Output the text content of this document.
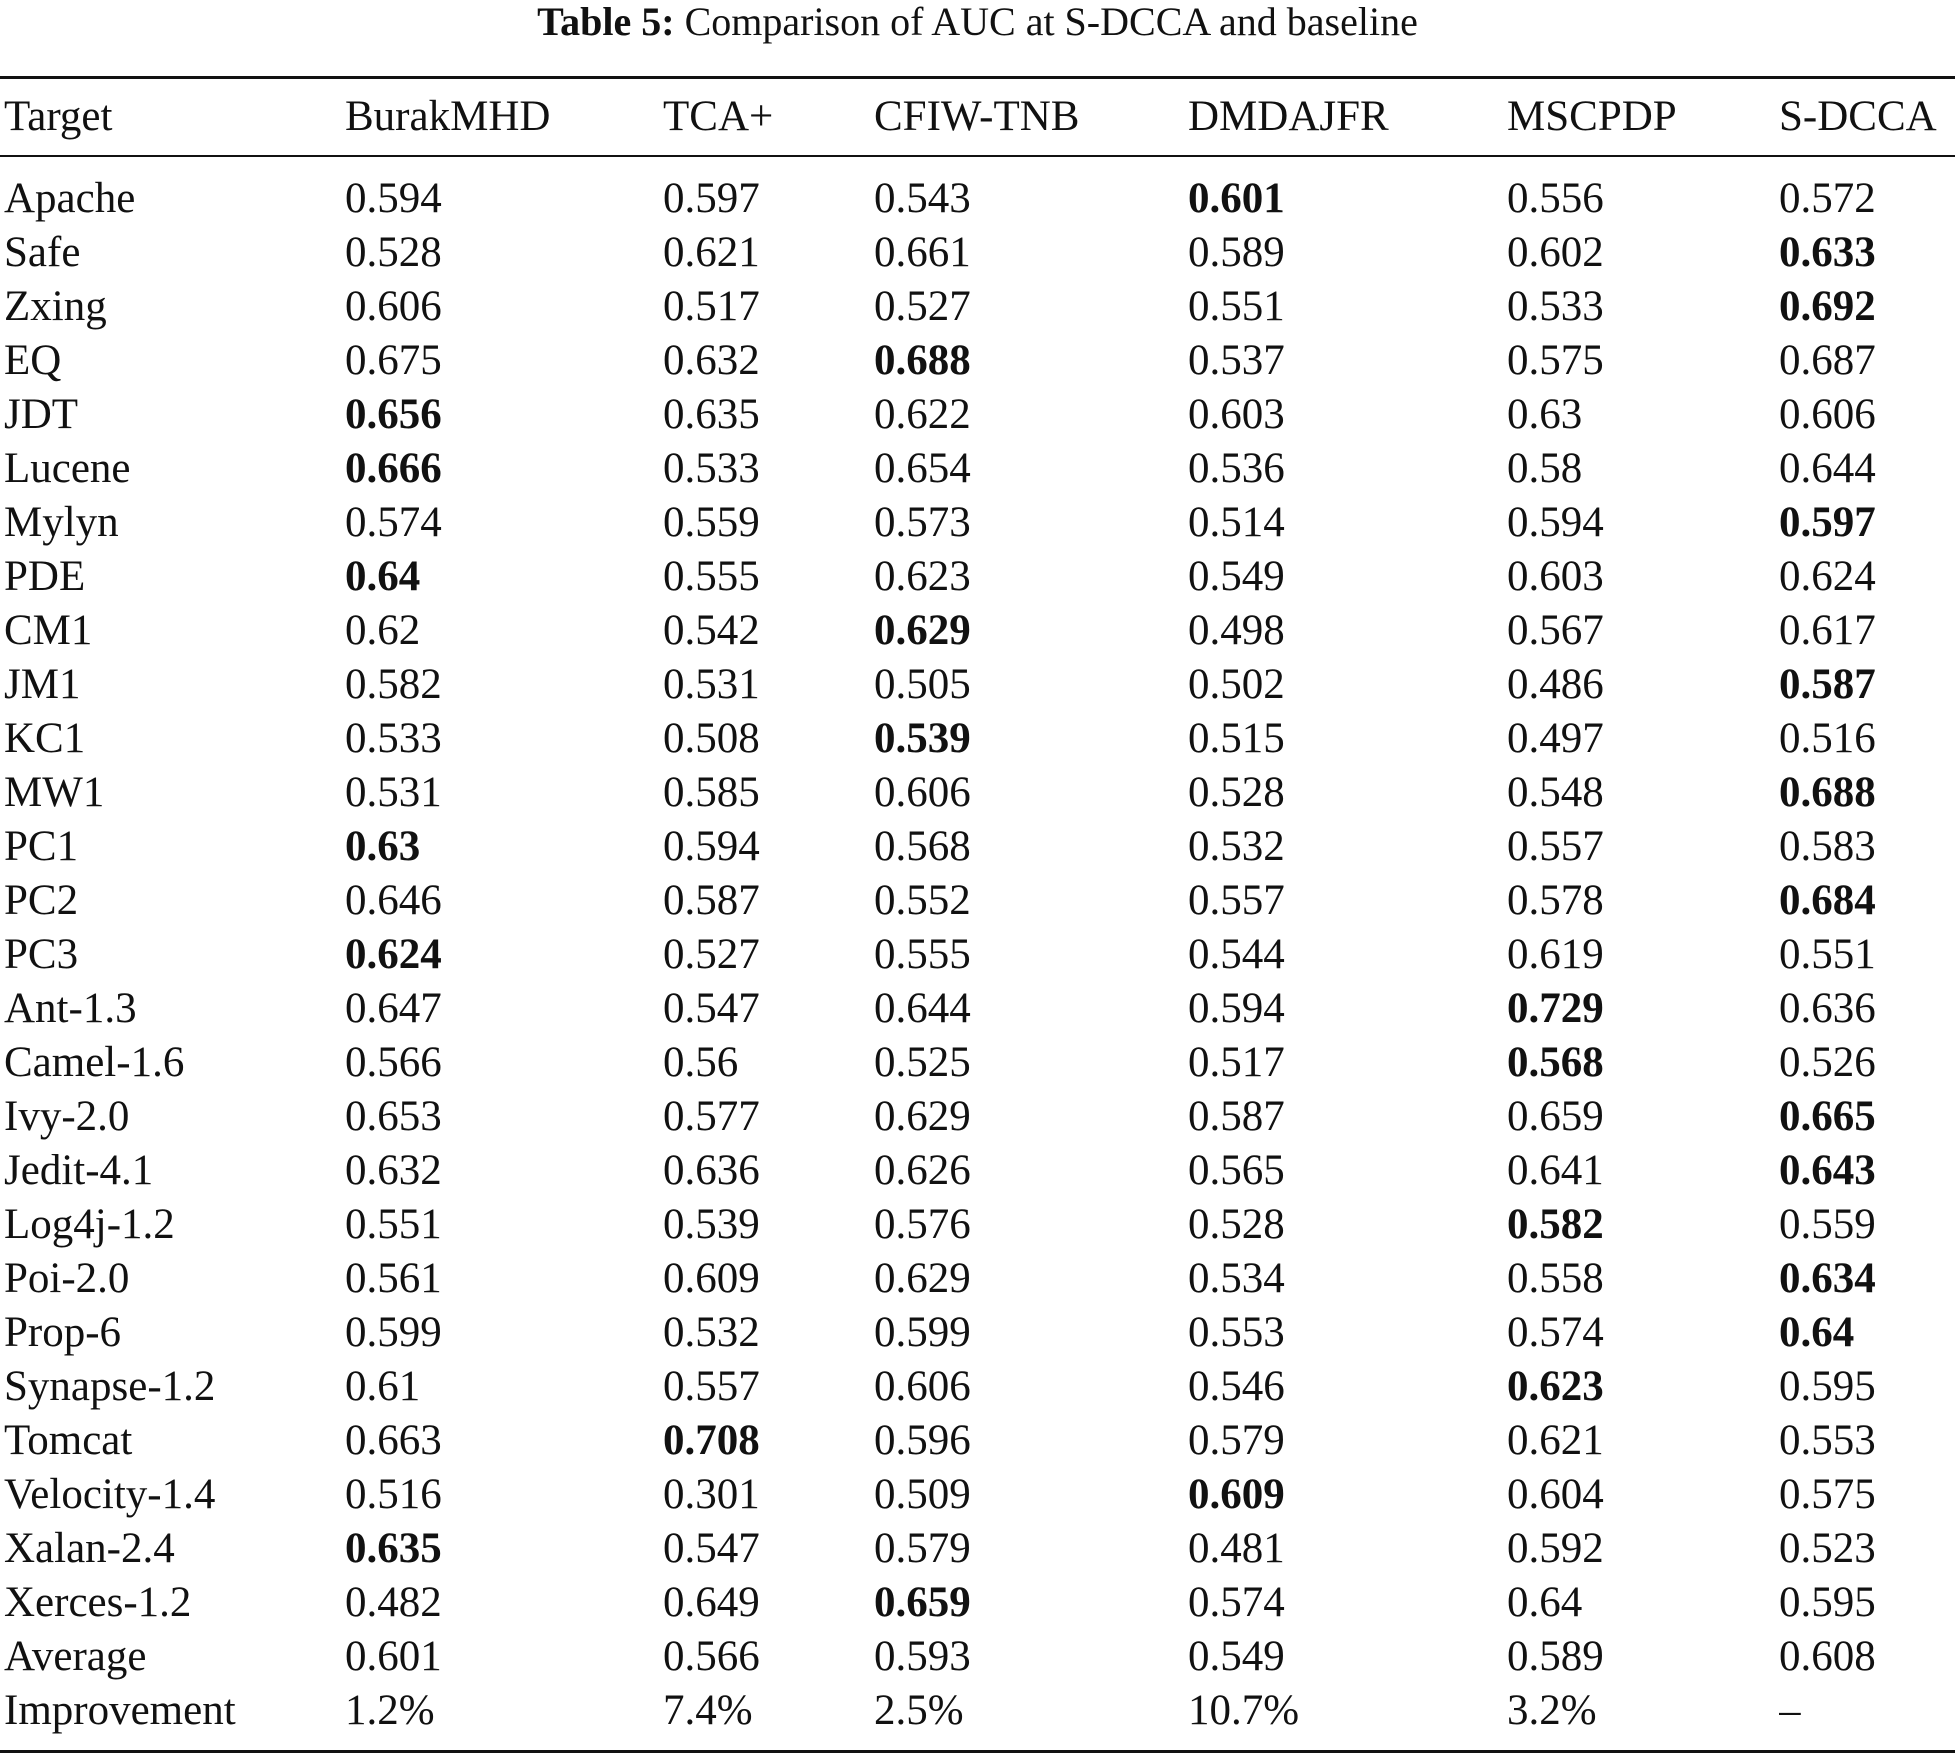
Table 5: Comparison of AUC at S-DCCA and baseline
Target	BurakMHD	TCA+	CFIW-TNB	DMDAJFR	MSCPDP	S-DCCA
Apache	0.594	0.597	0.543	0.601	0.556	0.572
Safe	0.528	0.621	0.661	0.589	0.602	0.633
Zxing	0.606	0.517	0.527	0.551	0.533	0.692
EQ	0.675	0.632	0.688	0.537	0.575	0.687
JDT	0.656	0.635	0.622	0.603	0.63	0.606
Lucene	0.666	0.533	0.654	0.536	0.58	0.644
Mylyn	0.574	0.559	0.573	0.514	0.594	0.597
PDE	0.64	0.555	0.623	0.549	0.603	0.624
CM1	0.62	0.542	0.629	0.498	0.567	0.617
JM1	0.582	0.531	0.505	0.502	0.486	0.587
KC1	0.533	0.508	0.539	0.515	0.497	0.516
MW1	0.531	0.585	0.606	0.528	0.548	0.688
PC1	0.63	0.594	0.568	0.532	0.557	0.583
PC2	0.646	0.587	0.552	0.557	0.578	0.684
PC3	0.624	0.527	0.555	0.544	0.619	0.551
Ant-1.3	0.647	0.547	0.644	0.594	0.729	0.636
Camel-1.6	0.566	0.56	0.525	0.517	0.568	0.526
Ivy-2.0	0.653	0.577	0.629	0.587	0.659	0.665
Jedit-4.1	0.632	0.636	0.626	0.565	0.641	0.643
Log4j-1.2	0.551	0.539	0.576	0.528	0.582	0.559
Poi-2.0	0.561	0.609	0.629	0.534	0.558	0.634
Prop-6	0.599	0.532	0.599	0.553	0.574	0.64
Synapse-1.2	0.61	0.557	0.606	0.546	0.623	0.595
Tomcat	0.663	0.708	0.596	0.579	0.621	0.553
Velocity-1.4	0.516	0.301	0.509	0.609	0.604	0.575
Xalan-2.4	0.635	0.547	0.579	0.481	0.592	0.523
Xerces-1.2	0.482	0.649	0.659	0.574	0.64	0.595
Average	0.601	0.566	0.593	0.549	0.589	0.608
Improvement	1.2%	7.4%	2.5%	10.7%	3.2%	–
